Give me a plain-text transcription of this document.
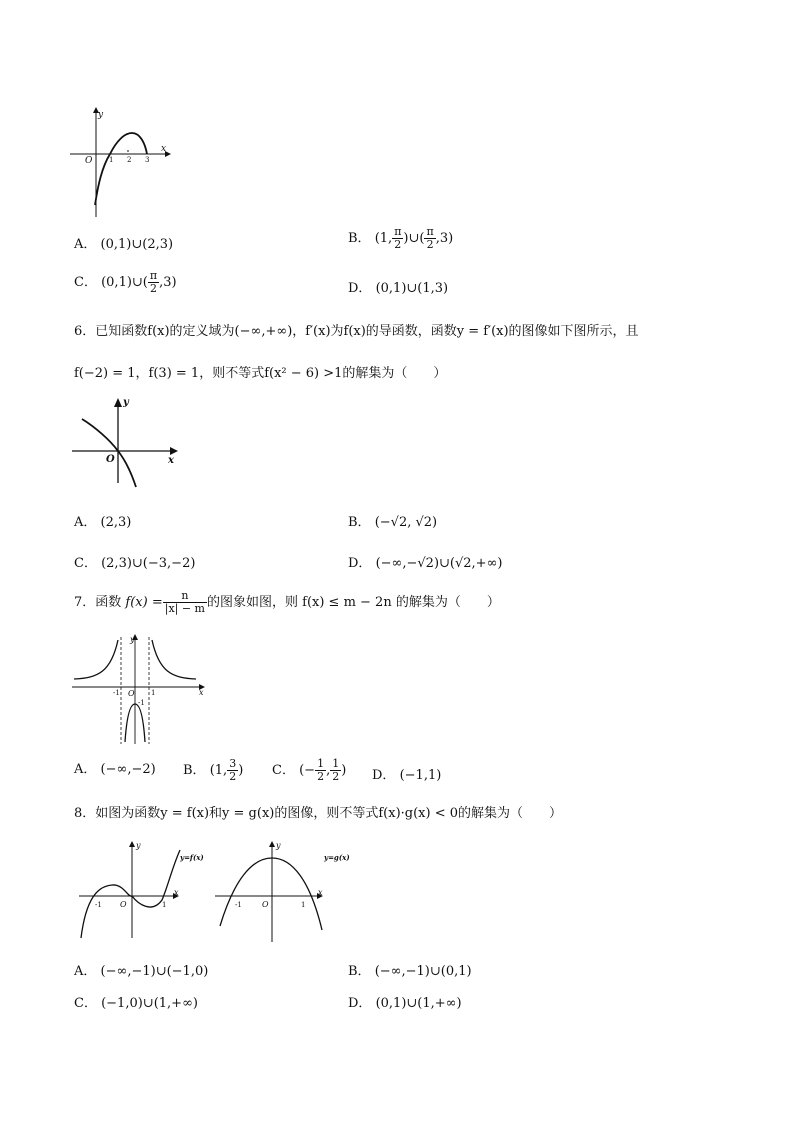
y
x
O 1 2 3
A． (0,1)∪(2,3)	B． (1, $\frac{\pi}{2}$ )∪( $\frac{\pi}{2} ,3$)
C． (0,1)∪( $\frac{\pi}{2} ,3$)	D． (0,1)∪(1,3)
6．已知函数f(x)的定义域为(−∞,+∞)，f′(x)为f(x)的导函数，函数y = f′(x)的图像如下图所示，且
f(−2) = 1，f(3) = 1，则不等式f(x² − 6) >1的解集为（　　）
y
x
O
A． (2,3)	B． (−√2, √2)
C． (2,3)∪(−3,−2)	D． (−∞,−√2)∪(√2,+∞)
7．函数 $f(x) = \frac{n}{|x| - m}$ 的图象如图，则 f(x) ≤ m − 2n 的解集为（　　）
y
x
O
-1	1
-1
A． (−∞,−2) B． (1, $\frac{3}{2}$ ) C． (− $\frac{1}{2}$ , $\frac{1}{2}$ ) D． (−1,1)
8．如图为函数y = f(x)和y = g(x)的图像，则不等式f(x)·g(x) < 0的解集为（　　）
y=f(x)
y
x
O
-1	1
y=g(x)
y
x
O
-1	1
A． (−∞,−1)∪(−1,0)	B． (−∞,−1)∪(0,1)
C． (−1,0)∪(1,+∞)	D． (0,1)∪(1,+∞)
